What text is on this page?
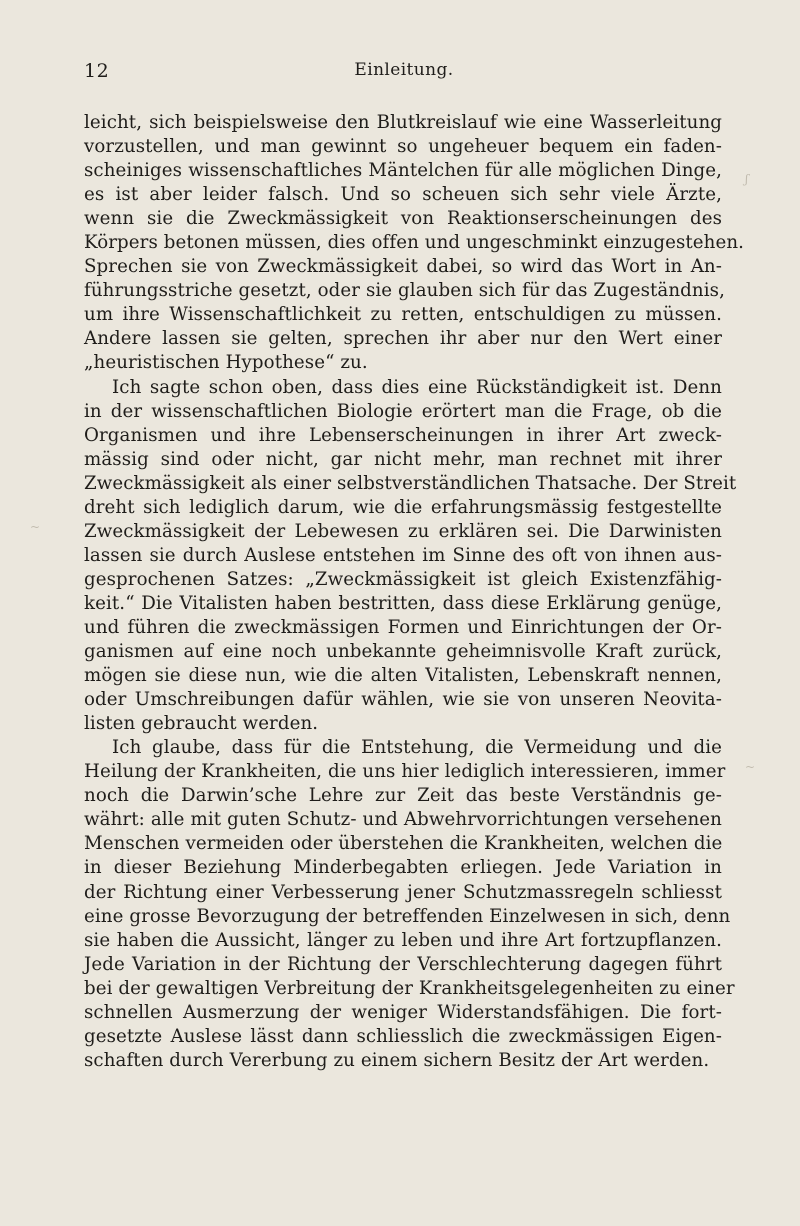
12	Einleitung.

leicht, sich beispielsweise den Blutkreislauf wie eine Wasserleitung
vorzustellen, und man gewinnt so ungeheuer bequem ein faden-
scheiniges wissenschaftliches Mäntelchen für alle möglichen Dinge,
es ist aber leider falsch. Und so scheuen sich sehr viele Ärzte,
wenn sie die Zweckmässigkeit von Reaktionserscheinungen des
Körpers betonen müssen, dies offen und ungeschminkt einzugestehen.
Sprechen sie von Zweckmässigkeit dabei, so wird das Wort in An-
führungsstriche gesetzt, oder sie glauben sich für das Zugeständnis,
um ihre Wissenschaftlichkeit zu retten, entschuldigen zu müssen.
Andere lassen sie gelten, sprechen ihr aber nur den Wert einer
„heuristischen Hypothese“ zu.

Ich sagte schon oben, dass dies eine Rückständigkeit ist. Denn
in der wissenschaftlichen Biologie erörtert man die Frage, ob die
Organismen und ihre Lebenserscheinungen in ihrer Art zweck-
mässig sind oder nicht, gar nicht mehr, man rechnet mit ihrer
Zweckmässigkeit als einer selbstverständlichen Thatsache. Der Streit
dreht sich lediglich darum, wie die erfahrungsmässig festgestellte
Zweckmässigkeit der Lebewesen zu erklären sei. Die Darwinisten
lassen sie durch Auslese entstehen im Sinne des oft von ihnen aus-
gesprochenen Satzes: „Zweckmässigkeit ist gleich Existenzfähig-
keit.“ Die Vitalisten haben bestritten, dass diese Erklärung genüge,
und führen die zweckmässigen Formen und Einrichtungen der Or-
ganismen auf eine noch unbekannte geheimnisvolle Kraft zurück,
mögen sie diese nun, wie die alten Vitalisten, Lebenskraft nennen,
oder Umschreibungen dafür wählen, wie sie von unseren Neovita-
listen gebraucht werden.

Ich glaube, dass für die Entstehung, die Vermeidung und die
Heilung der Krankheiten, die uns hier lediglich interessieren, immer
noch die Darwin’sche Lehre zur Zeit das beste Verständnis ge-
währt: alle mit guten Schutz- und Abwehrvorrichtungen versehenen
Menschen vermeiden oder überstehen die Krankheiten, welchen die
in dieser Beziehung Minderbegabten erliegen. Jede Variation in
der Richtung einer Verbesserung jener Schutzmassregeln schliesst
eine grosse Bevorzugung der betreffenden Einzelwesen in sich, denn
sie haben die Aussicht, länger zu leben und ihre Art fortzupflanzen.
Jede Variation in der Richtung der Verschlechterung dagegen führt
bei der gewaltigen Verbreitung der Krankheitsgelegenheiten zu einer
schnellen Ausmerzung der weniger Widerstandsfähigen. Die fort-
gesetzte Auslese lässt dann schliesslich die zweckmässigen Eigen-
schaften durch Vererbung zu einem sichern Besitz der Art werden.

ʃ
~
~
